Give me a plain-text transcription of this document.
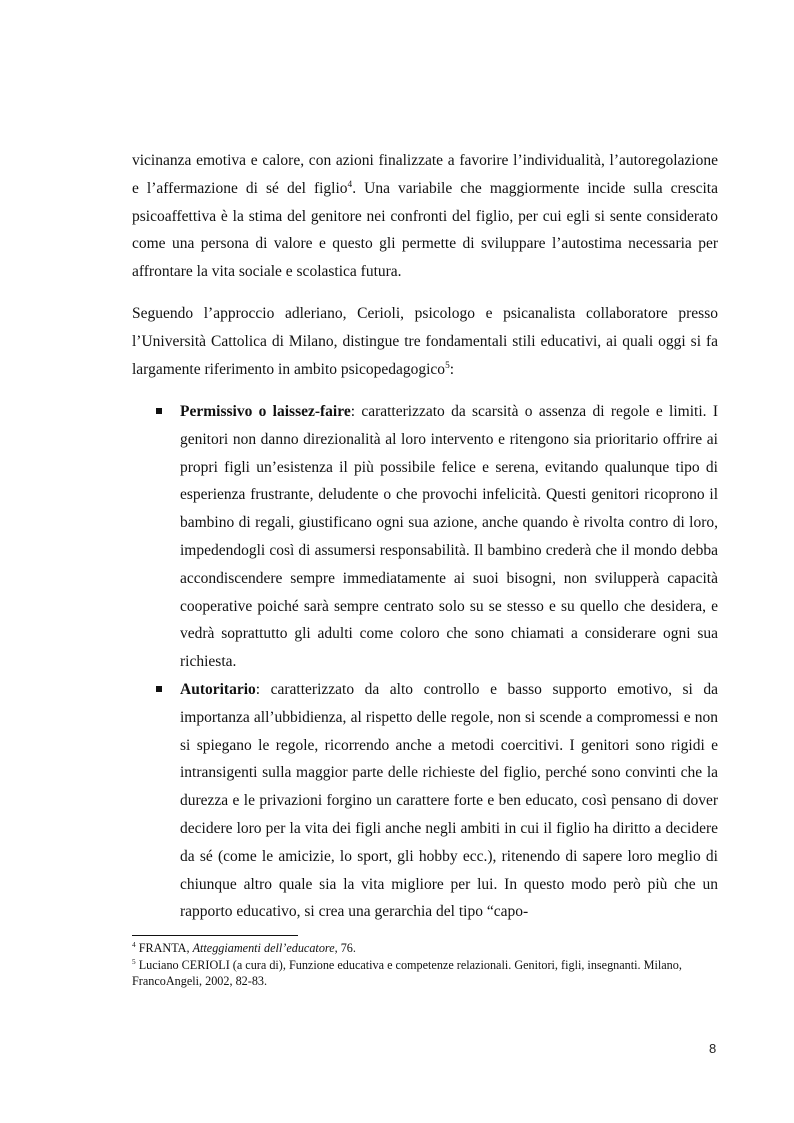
vicinanza emotiva e calore, con azioni finalizzate a favorire l’individualità, l’autoregolazione e l’affermazione di sé del figlio$^4$. Una variabile che maggiormente incide sulla crescita psicoaffettiva è la stima del genitore nei confronti del figlio, per cui egli si sente considerato come una persona di valore e questo gli permette di sviluppare l’autostima necessaria per affrontare la vita sociale e scolastica futura.

Seguendo l’approccio adleriano, Cerioli, psicologo e psicanalista collaboratore presso l’Università Cattolica di Milano, distingue tre fondamentali stili educativi, ai quali oggi si fa largamente riferimento in ambito psicopedagogico$^5$:

Permissivo o laissez-faire: caratterizzato da scarsità o assenza di regole e limiti. I genitori non danno direzionalità al loro intervento e ritengono sia prioritario offrire ai propri figli un’esistenza il più possibile felice e serena, evitando qualunque tipo di esperienza frustrante, deludente o che provochi infelicità. Questi genitori ricoprono il bambino di regali, giustificano ogni sua azione, anche quando è rivolta contro di loro, impedendogli così di assumersi responsabilità. Il bambino crederà che il mondo debba accondiscendere sempre immediatamente ai suoi bisogni, non svilupperà capacità cooperative poiché sarà sempre centrato solo su se stesso e su quello che desidera, e vedrà soprattutto gli adulti come coloro che sono chiamati a considerare ogni sua richiesta.
Autoritario: caratterizzato da alto controllo e basso supporto emotivo, si da importanza all’ubbidienza, al rispetto delle regole, non si scende a compromessi e non si spiegano le regole, ricorrendo anche a metodi coercitivi. I genitori sono rigidi e intransigenti sulla maggior parte delle richieste del figlio, perché sono convinti che la durezza e le privazioni forgino un carattere forte e ben educato, così pensano di dover decidere loro per la vita dei figli anche negli ambiti in cui il figlio ha diritto a decidere da sé (come le amicizie, lo sport, gli hobby ecc.), ritenendo di sapere loro meglio di chiunque altro quale sia la vita migliore per lui. In questo modo però più che un rapporto educativo, si crea una gerarchia del tipo “capo-

$^4$ FRANTA, Atteggiamenti dell’educatore, 76.

$^5$ Luciano CERIOLI (a cura di), Funzione educativa e competenze relazionali. Genitori, figli, insegnanti. Milano, FrancoAngeli, 2002, 82-83.

8
